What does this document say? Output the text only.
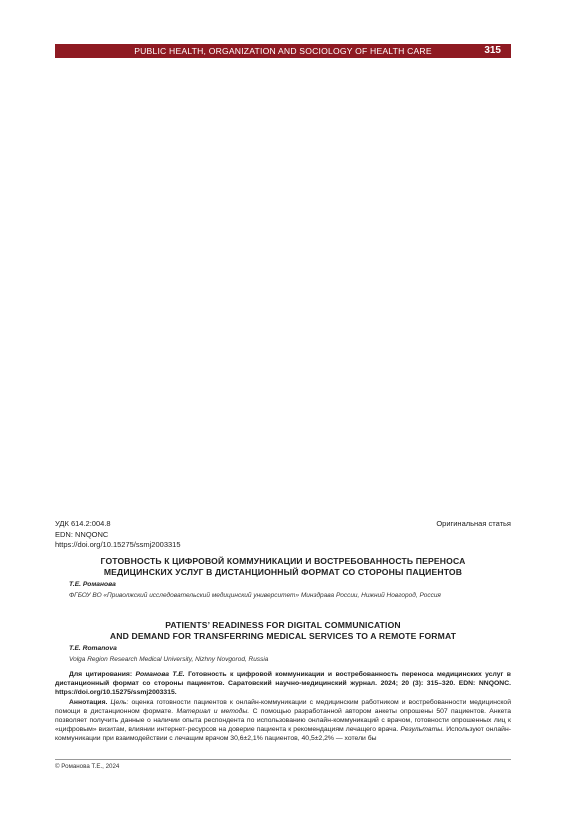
PUBLIC HEALTH, ORGANIZATION AND SOCIOLOGY OF HEALTH CARE	315
УДК 614.2:004.8
EDN: NNQONC
https://doi.org/10.15275/ssmj2003315
Оригинальная статья
ГОТОВНОСТЬ К ЦИФРОВОЙ КОММУНИКАЦИИ И ВОСТРЕБОВАННОСТЬ ПЕРЕНОСА
МЕДИЦИНСКИХ УСЛУГ В ДИСТАНЦИОННЫЙ ФОРМАТ СО СТОРОНЫ ПАЦИЕНТОВ
Т.Е. Романова
ФГБОУ ВО «Приволжский исследовательский медицинский университет» Минздрава России, Нижний Новгород, Россия
PATIENTS’ READINESS FOR DIGITAL COMMUNICATION
AND DEMAND FOR TRANSFERRING MEDICAL SERVICES TO A REMOTE FORMAT
T.E. Romanova
Volga Region Research Medical University, Nizhny Novgorod, Russia
Для цитирования: Романова Т.Е. Готовность к цифровой коммуникации и востребованность переноса медицинских услуг в дистанционный формат со стороны пациентов. Саратовский научно-медицинский журнал. 2024; 20 (3): 315–320. EDN: NNQONC. https://doi.org/10.15275/ssmj2003315.
Аннотация. Цель: оценка готовности пациентов к онлайн-коммуникации с медицинским работником и востребованности медицинской помощи в дистанционном формате. Материал и методы. С помощью разработанной автором анкеты опрошены 507 пациентов. Анкета позволяет получить данные о наличии опыта респондента по использованию онлайн-коммуникаций с врачом, готовности опрошенных лиц к «цифровым» визитам, влиянии интернет-ресурсов на доверие пациента к рекомендациям лечащего врача. Результаты. Используют онлайн-коммуникации при взаимодействии с лечащим врачом 30,6±2,1% пациентов, 40,5±2,2% — хотели бы
© Романова Т.Е., 2024
